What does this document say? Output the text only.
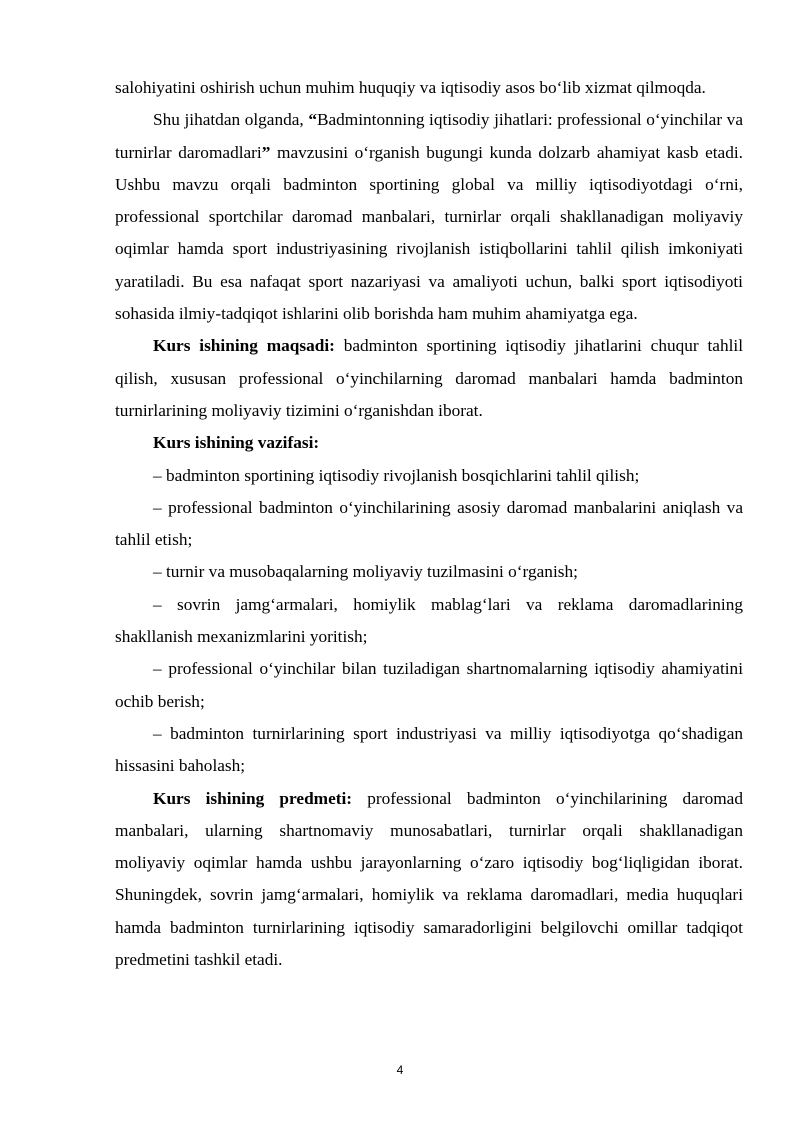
salohiyatini oshirish uchun muhim huquqiy va iqtisodiy asos bo‘lib xizmat qilmoqda.

Shu jihatdan olganda, “Badmintonning iqtisodiy jihatlari: professional o‘yinchilar va turnirlar daromadlari” mavzusini o‘rganish bugungi kunda dolzarb ahamiyat kasb etadi. Ushbu mavzu orqali badminton sportining global va milliy iqtisodiyotdagi o‘rni, professional sportchilar daromad manbalari, turnirlar orqali shakllanadigan moliyaviy oqimlar hamda sport industriyasining rivojlanish istiqbollarini tahlil qilish imkoniyati yaratiladi. Bu esa nafaqat sport nazariyasi va amaliyoti uchun, balki sport iqtisodiyoti sohasida ilmiy-tadqiqot ishlarini olib borishda ham muhim ahamiyatga ega.

Kurs ishining maqsadi: badminton sportining iqtisodiy jihatlarini chuqur tahlil qilish, xususan professional o‘yinchilarning daromad manbalari hamda badminton turnirlarining moliyaviy tizimini o‘rganishdan iborat.

Kurs ishining vazifasi:

– badminton sportining iqtisodiy rivojlanish bosqichlarini tahlil qilish;

– professional badminton o‘yinchilarining asosiy daromad manbalarini aniqlash va tahlil etish;

– turnir va musobaqalarning moliyaviy tuzilmasini o‘rganish;

– sovrin jamg‘armalari, homiylik mablag‘lari va reklama daromadlarining shakllanish mexanizmlarini yoritish;

– professional o‘yinchilar bilan tuziladigan shartnomalarning iqtisodiy ahamiyatini ochib berish;

– badminton turnirlarining sport industriyasi va milliy iqtisodiyotga qo‘shadigan hissasini baholash;

Kurs ishining predmeti: professional badminton o‘yinchilarining daromad manbalari, ularning shartnomaviy munosabatlari, turnirlar orqali shakllanadigan moliyaviy oqimlar hamda ushbu jarayonlarning o‘zaro iqtisodiy bog‘liqligidan iborat. Shuningdek, sovrin jamg‘armalari, homiylik va reklama daromadlari, media huquqlari hamda badminton turnirlarining iqtisodiy samaradorligini belgilovchi omillar tadqiqot predmetini tashkil etadi.

4
